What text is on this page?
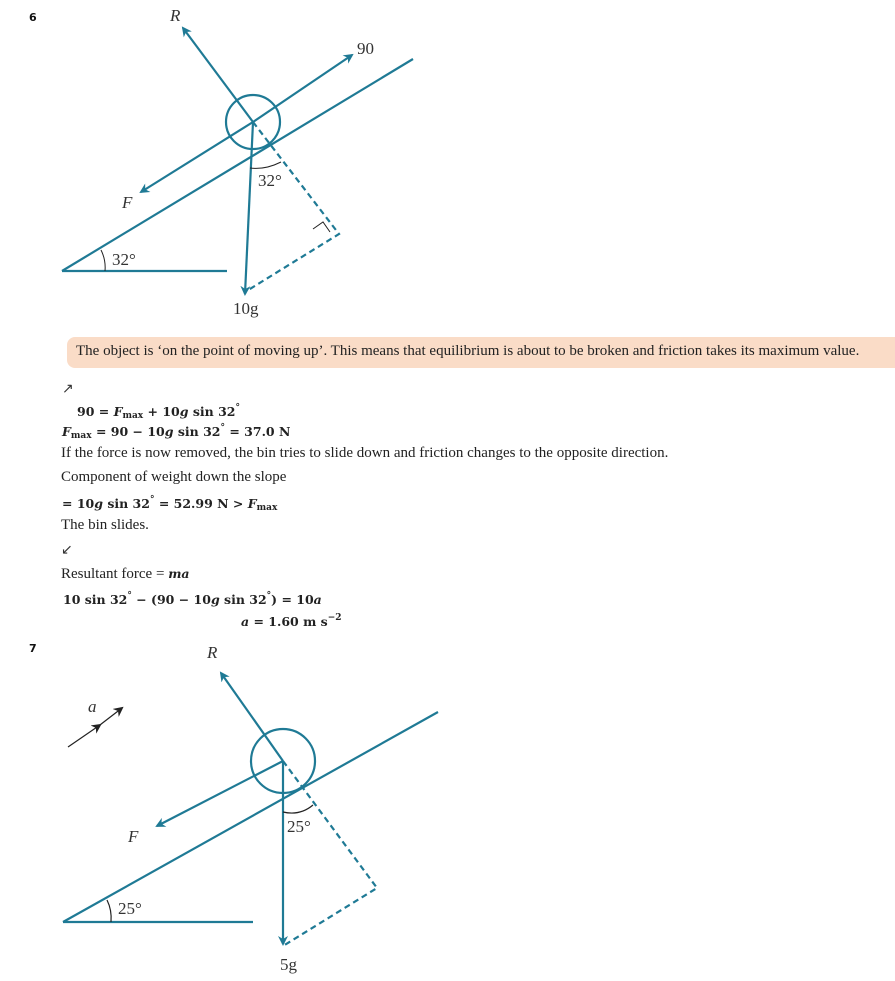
6	R
90
F
32°
32°
10g
The object is ‘on the point of moving up’. This means that equilibrium is about to be broken and friction takes its maximum value.
↗
$90 = F_{max} + 10g$ sin 32°
$F_{max} = 90 - 10g$ sin 32° = 37.0 N
If the force is now removed, the bin tries to slide down and friction changes to the opposite direction.
Component of weight down the slope
= 10g sin 32° = 52.99 $N > F_{max}$
The bin slides.
↙
Resultant force = ma
10 sin 32° − (90 − 10g sin 32°) = 10a
a = 1.60 m $s^{-2}$
7	R
a
F
25°
25°
5g
